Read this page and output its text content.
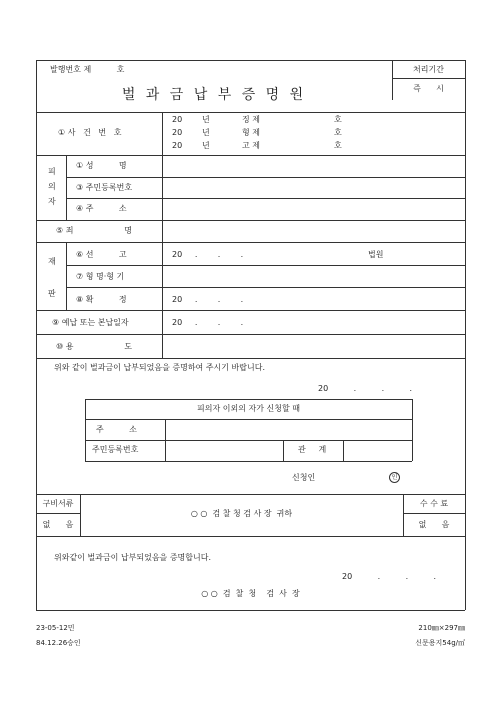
발행번호 제          호	처리기간
즉      시
벌 과 금 납 부 증 명 원
① 사   건   번   호
20 년	징 제	호
20 년	형 제	호
20 년	고 제	호
피
의
자
① 성          명
③ 주민등록번호
④ 주          소
⑤ 죄                    명
재
판
⑥ 선          고	20     .        .        .	법원
⑦ 형 명·형 기
⑧ 확          정	20     .        .        .
⑨ 예납 또는 본납일자	20     .        .        .
⑩ 용                    도
위와 같이 벌과금이 납부되었음을 증명하여 주시기 바랍니다.
20          .          .          .
피의자 이외의 자가 신청할 때
주          소
주민등록번호	관     계
신청인	인
구비서류
없      음
○ ○  검 찰 청 검 사 장  귀하
수 수 료
없      음
위와같이 벌과금이 납부되었음을 증명합니다.
20          .          .          .
○ ○  검  찰  청    검  사  장
23-05-12민
84.12.26승인
210㎜×297㎜
신문용지54g/㎡
